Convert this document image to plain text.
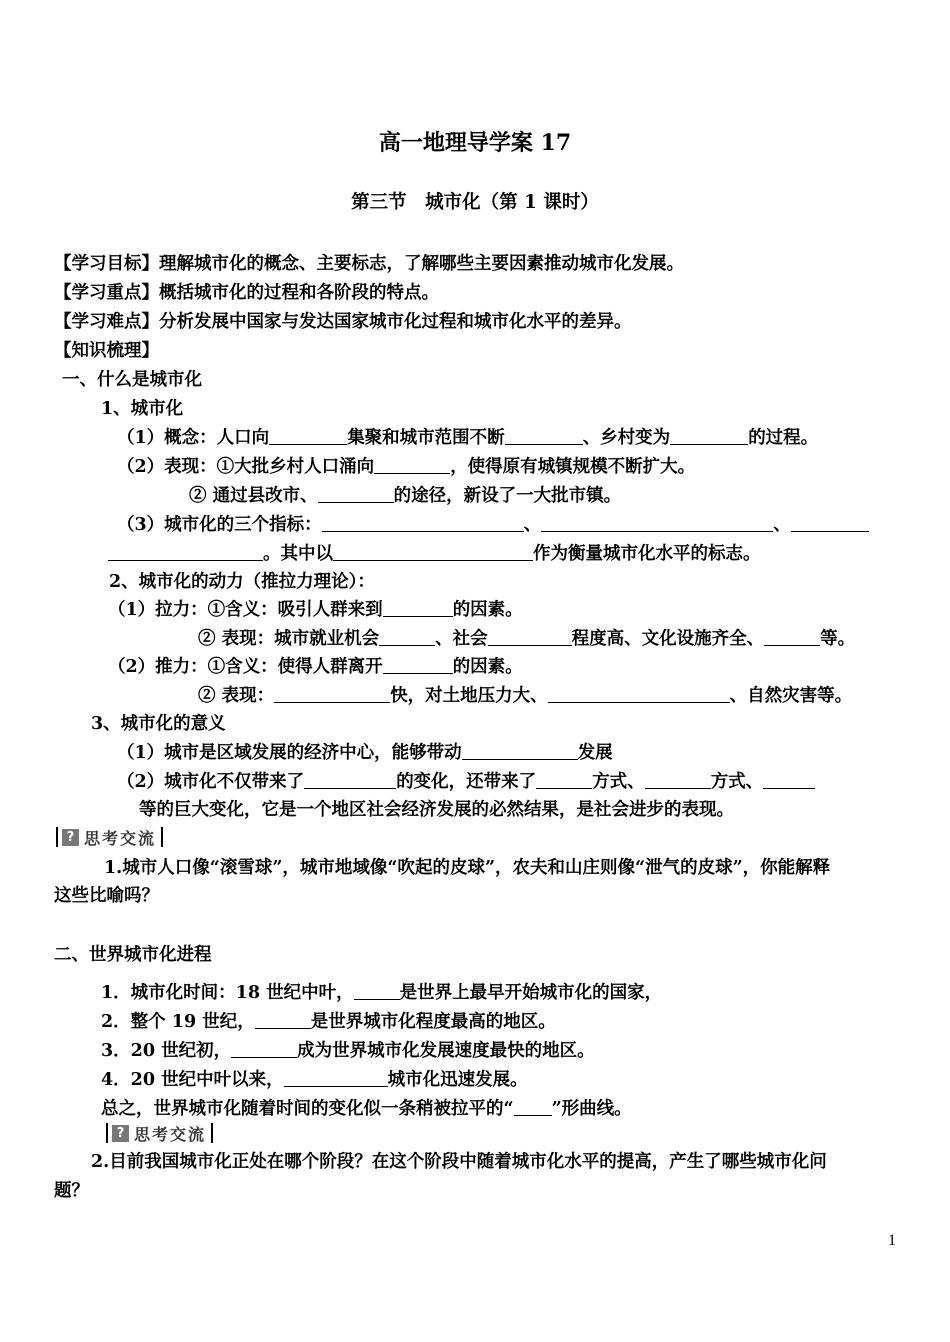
高一地理导学案 17
第三节　城市化（第 1 课时）
【学习目标】理解城市化的概念、主要标志，了解哪些主要因素推动城市化发展。
【学习重点】概括城市化的过程和各阶段的特点。
【学习难点】分析发展中国家与发达国家城市化过程和城市化水平的差异。
【知识梳理】
一、什么是城市化
1、城市化
（1）概念：人口向	集聚和城市范围不断	、乡村变为	的过程。
（2）表现：①大批乡村人口涌向	，使得原有城镇规模不断扩大。
② 通过县改市、	的途径，新设了一大批市镇。
（3）城市化的三个指标：	、	、
。其中以	作为衡量城市化水平的标志。
2、城市化的动力（推拉力理论）：
（1）拉力：①含义：吸引人群来到	的因素。
② 表现：城市就业机会	、社会	程度高、文化设施齐全、	等。
（2）推力：①含义：使得人群离开	的因素。
② 表现：	快，对土地压力大、	、自然灾害等。
3、城市化的意义
（1）城市是区域发展的经济中心，能够带动	发展
（2）城市化不仅带来了	的变化，还带来了	方式、	方式、
等的巨大变化，它是一个地区社会经济发展的必然结果，是社会进步的表现。
? 思考交流
1.城市人口像“滚雪球”，城市地域像“吹起的皮球”，农夫和山庄则像“泄气的皮球”，你能解释
这些比喻吗？
二、世界城市化进程
1．城市化时间：18 世纪中叶，	是世界上最早开始城市化的国家，
2．整个 19 世纪，	是世界城市化程度最高的地区。
3．20 世纪初，	成为世界城市化发展速度最快的地区。
4．20 世纪中叶以来，	城市化迅速发展。
总之，世界城市化随着时间的变化似一条稍被拉平的“ ”形曲线。
? 思考交流
2.目前我国城市化正处在哪个阶段？在这个阶段中随着城市化水平的提高，产生了哪些城市化问
题？
1
